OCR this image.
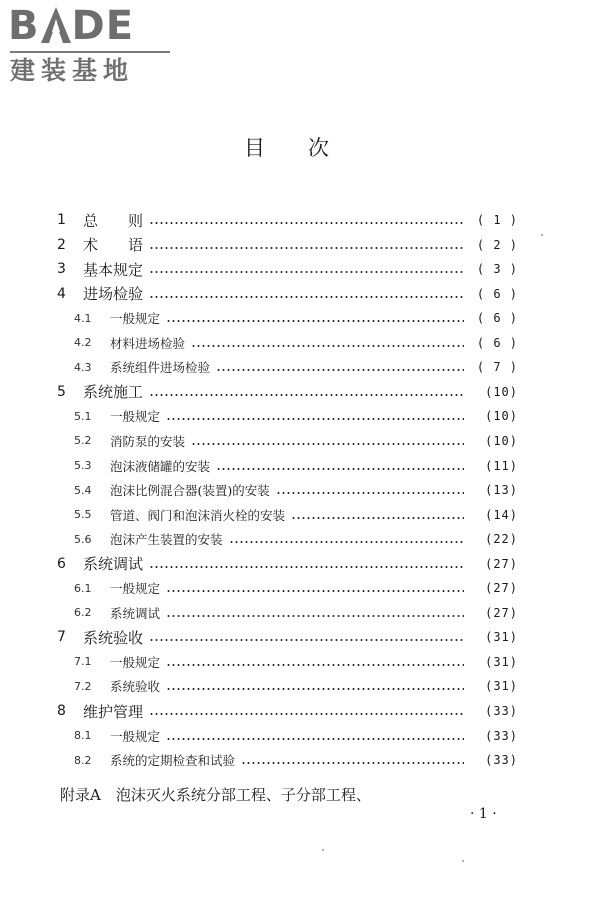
B DE
建装基地
目 次
1	总　　则	( 1 )
2	术　　语	( 2 )
3	基本规定	( 3 )
4	进场检验	( 6 )
4.1	一般规定	( 6 )
4.2	材料进场检验	( 6 )
4.3	系统组件进场检验	( 7 )
5	系统施工	(10)
5.1	一般规定	(10)
5.2	消防泵的安装	(10)
5.3	泡沫液储罐的安装	(11)
5.4	泡沫比例混合器(装置)的安装	(13)
5.5	管道、阀门和泡沫消火栓的安装	(14)
5.6	泡沫产生装置的安装	(22)
6	系统调试	(27)
6.1	一般规定	(27)
6.2	系统调试	(27)
7	系统验收	(31)
7.1	一般规定	(31)
7.2	系统验收	(31)
8	维护管理	(33)
8.1	一般规定	(33)
8.2	系统的定期检查和试验	(33)
附录A　泡沫灭火系统分部工程、子分部工程、
· 1 ·
